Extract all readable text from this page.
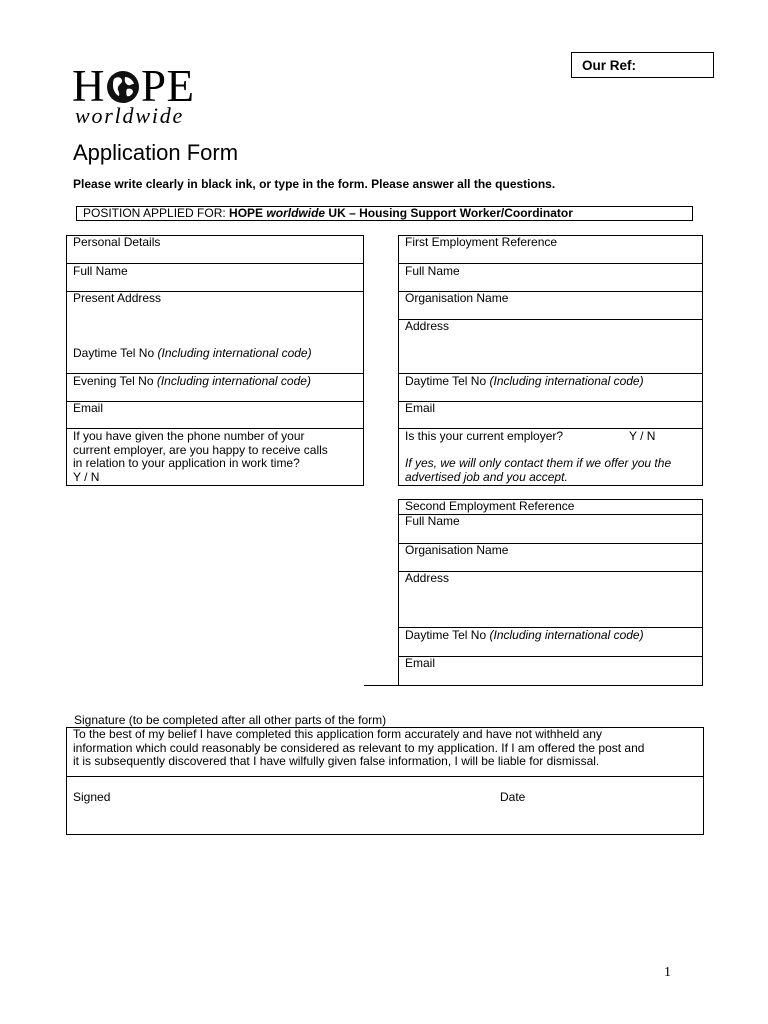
Our Ref:
H PE
worldwide
Application Form
Please write clearly in black ink, or type in the form. Please answer all the questions.
POSITION APPLIED FOR: HOPE worldwide UK – Housing Support Worker/Coordinator
Personal Details
Full Name
Present Address
Daytime Tel No (Including international code)
Evening Tel No (Including international code)
Email
If you have given the phone number of your
current employer, are you happy to receive calls
in relation to your application in work time?
Y / N
First Employment Reference
Full Name
Organisation Name
Address
Daytime Tel No (Including international code)
Email
Is this your current employer?	Y / N
If yes, we will only contact them if we offer you the
advertised job and you accept.
Second Employment Reference
Full Name
Organisation Name
Address
Daytime Tel No (Including international code)
Email
Signature (to be completed after all other parts of the form)
To the best of my belief I have completed this application form accurately and have not withheld any
information which could reasonably be considered as relevant to my application. If I am offered the post and
it is subsequently discovered that I have wilfully given false information, I will be liable for dismissal.
Signed	Date
1
